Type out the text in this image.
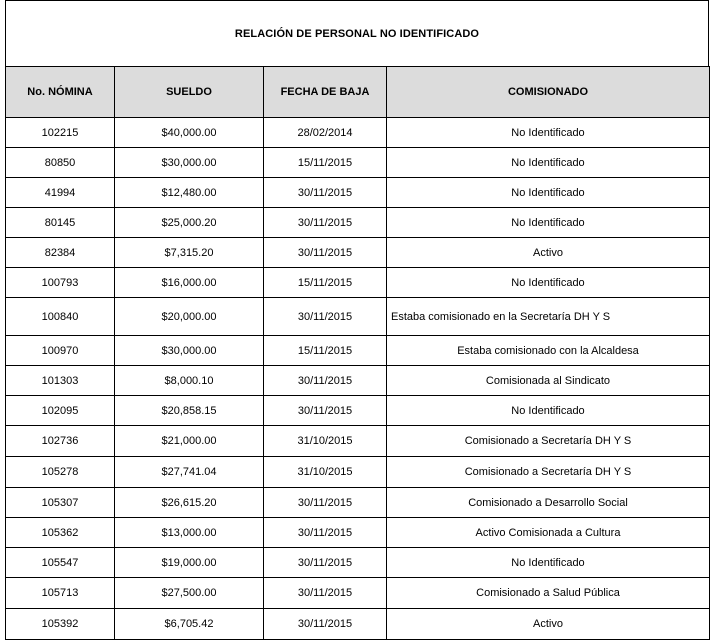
RELACIÓN DE PERSONAL NO IDENTIFICADO
No. NÓMINA	SUELDO	FECHA DE BAJA	COMISIONADO
102215	$40,000.00	28/02/2014	No Identificado
80850	$30,000.00	15/11/2015	No Identificado
41994	$12,480.00	30/11/2015	No Identificado
80145	$25,000.20	30/11/2015	No Identificado
82384	$7,315.20	30/11/2015	Activo
100793	$16,000.00	15/11/2015	No Identificado
100840	$20,000.00	30/11/2015	Estaba comisionado en la Secretaría DH Y S
100970	$30,000.00	15/11/2015	Estaba comisionado con la Alcaldesa
101303	$8,000.10	30/11/2015	Comisionada al Sindicato
102095	$20,858.15	30/11/2015	No Identificado
102736	$21,000.00	31/10/2015	Comisionado a Secretaría DH Y S
105278	$27,741.04	31/10/2015	Comisionado a Secretaría DH Y S
105307	$26,615.20	30/11/2015	Comisionado a Desarrollo Social
105362	$13,000.00	30/11/2015	Activo Comisionada a Cultura
105547	$19,000.00	30/11/2015	No Identificado
105713	$27,500.00	30/11/2015	Comisionado a Salud Pública
105392	$6,705.42	30/11/2015	Activo
